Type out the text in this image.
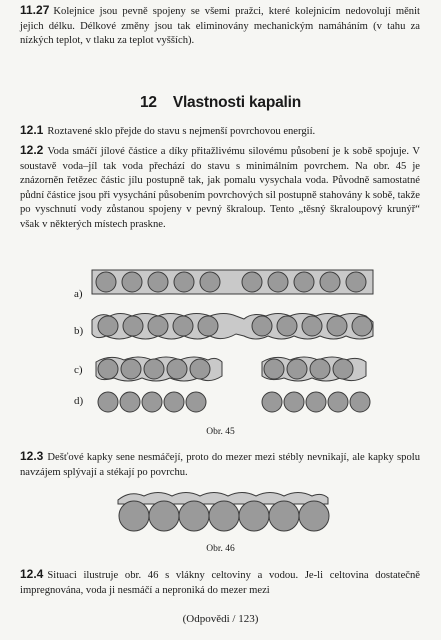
11.27 Kolejnice jsou pevně spojeny se všemi pražci, které kolejnicím nedovolují měnit jejich délku. Délkové změny jsou tak eliminovány mechanickým namáháním (v tahu za nízkých teplot, v tlaku za teplot vyšších).
12 Vlastnosti kapalin
12.1 Roztavené sklo přejde do stavu s nejmenší povrchovou energií.
12.2 Voda smáčí jílové částice a díky přitažlivému silovému působení je k sobě spojuje. V soustavě voda–jíl tak voda přechází do stavu s minimálním povrchem. Na obr. 45 je znázorněn řetězec částic jílu postupně tak, jak pomalu vysychala voda. Původně samostatné půdní částice jsou při vysychání působením povrchových sil postupně stahovány k sobě, takže po vyschnutí vody zůstanou spojeny v pevný škraloup. Tento „těsný škraloupový krunýř“ však v některých místech praskne.
a)
b)
c)
d)
Obr. 45
12.3 Dešťové kapky sene nesmáčejí, proto do mezer mezi stébly nevnikají, ale kapky spolu navzájem splývají a stékají po povrchu.
Obr. 46
12.4 Situaci ilustruje obr. 46 s vlákny celtoviny a vodou. Je-li celtovina dostatečně impregnována, voda ji nesmáčí a neproniká do mezer mezi
(Odpovědi / 123)
